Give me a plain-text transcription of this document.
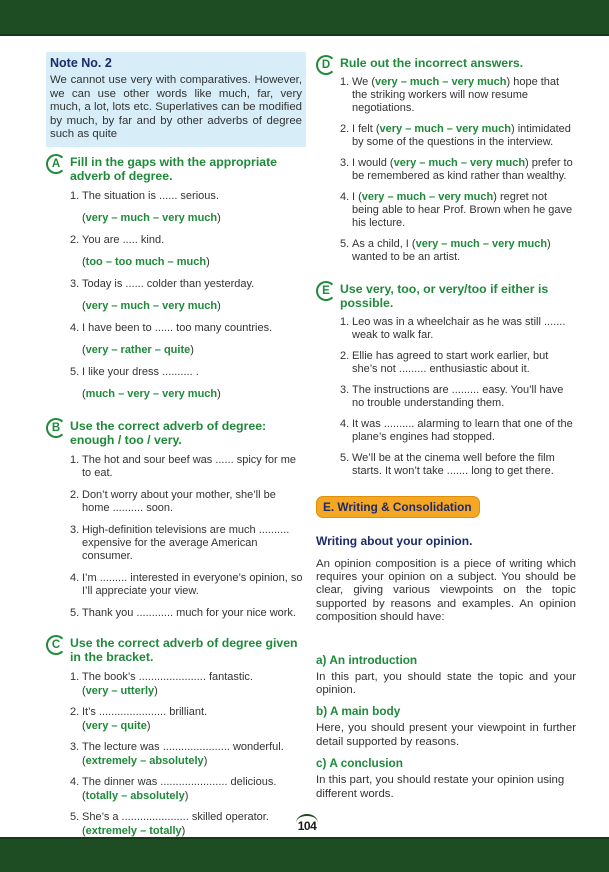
Note No. 2
We cannot use very with comparatives. However, we can use other words like much, far, very much, a lot, lots etc. Superlatives can be modified by much, by far and by other adverbs of degree such as quite
A Fill in the gaps with the appropriate adverb of degree.
1. The situation is ...... serious.
(very – much – very much)
2. You are ..... kind.
(too – too much – much)
3. Today is ...... colder than yesterday.
(very – much – very much)
4. I have been to ...... too many countries.
(very – rather – quite)
5. I like your dress .......... .
(much – very – very much)
B Use the correct adverb of degree: enough / too / very.
1. The hot and sour beef was ...... spicy for me to eat.
2. Don’t worry about your mother, she’ll be home .......... soon.
3. High-definition televisions are much .......... expensive for the average American consumer.
4. I’m ......... interested in everyone’s opinion, so I’ll appreciate your view.
5. Thank you ............ much for your nice work.
C Use the correct adverb of degree given in the bracket.
1. The book’s ...................... fantastic.
(very – utterly)
2. It’s ...................... brilliant.
(very – quite)
3. The lecture was ...................... wonderful.
(extremely – absolutely)
4. The dinner was ...................... delicious.
(totally – absolutely)
5. She’s a ...................... skilled operator.
(extremely – totally)
D Rule out the incorrect answers.
1. We (very – much – very much) hope that the striking workers will now resume negotiations.
2. I felt (very – much – very much) intimidated by some of the questions in the interview.
3. I would (very – much – very much) prefer to be remembered as kind rather than wealthy.
4. I (very – much – very much) regret not being able to hear Prof. Brown when he gave his lecture.
5. As a child, I (very – much – very much) wanted to be an artist.
E Use very, too, or very/too if either is possible.
1. Leo was in a wheelchair as he was still ....... weak to walk far.
2. Ellie has agreed to start work earlier, but she’s not ......... enthusiastic about it.
3. The instructions are ......... easy. You’ll have no trouble understanding them.
4. It was .......... alarming to learn that one of the plane’s engines had stopped.
5. We’ll be at the cinema well before the film starts. It won’t take ....... long to get there.
E. Writing & Consolidation
Writing about your opinion.
An opinion composition is a piece of writing which requires your opinion on a subject. You should be clear, giving various viewpoints on the topic supported by reasons and examples. An opinion composition should have:
a) An introduction
In this part, you should state the topic and your opinion.
b) A main body
Here, you should present your viewpoint in further detail supported by reasons.
c) A conclusion
In this part, you should restate your opinion using different words.
104
